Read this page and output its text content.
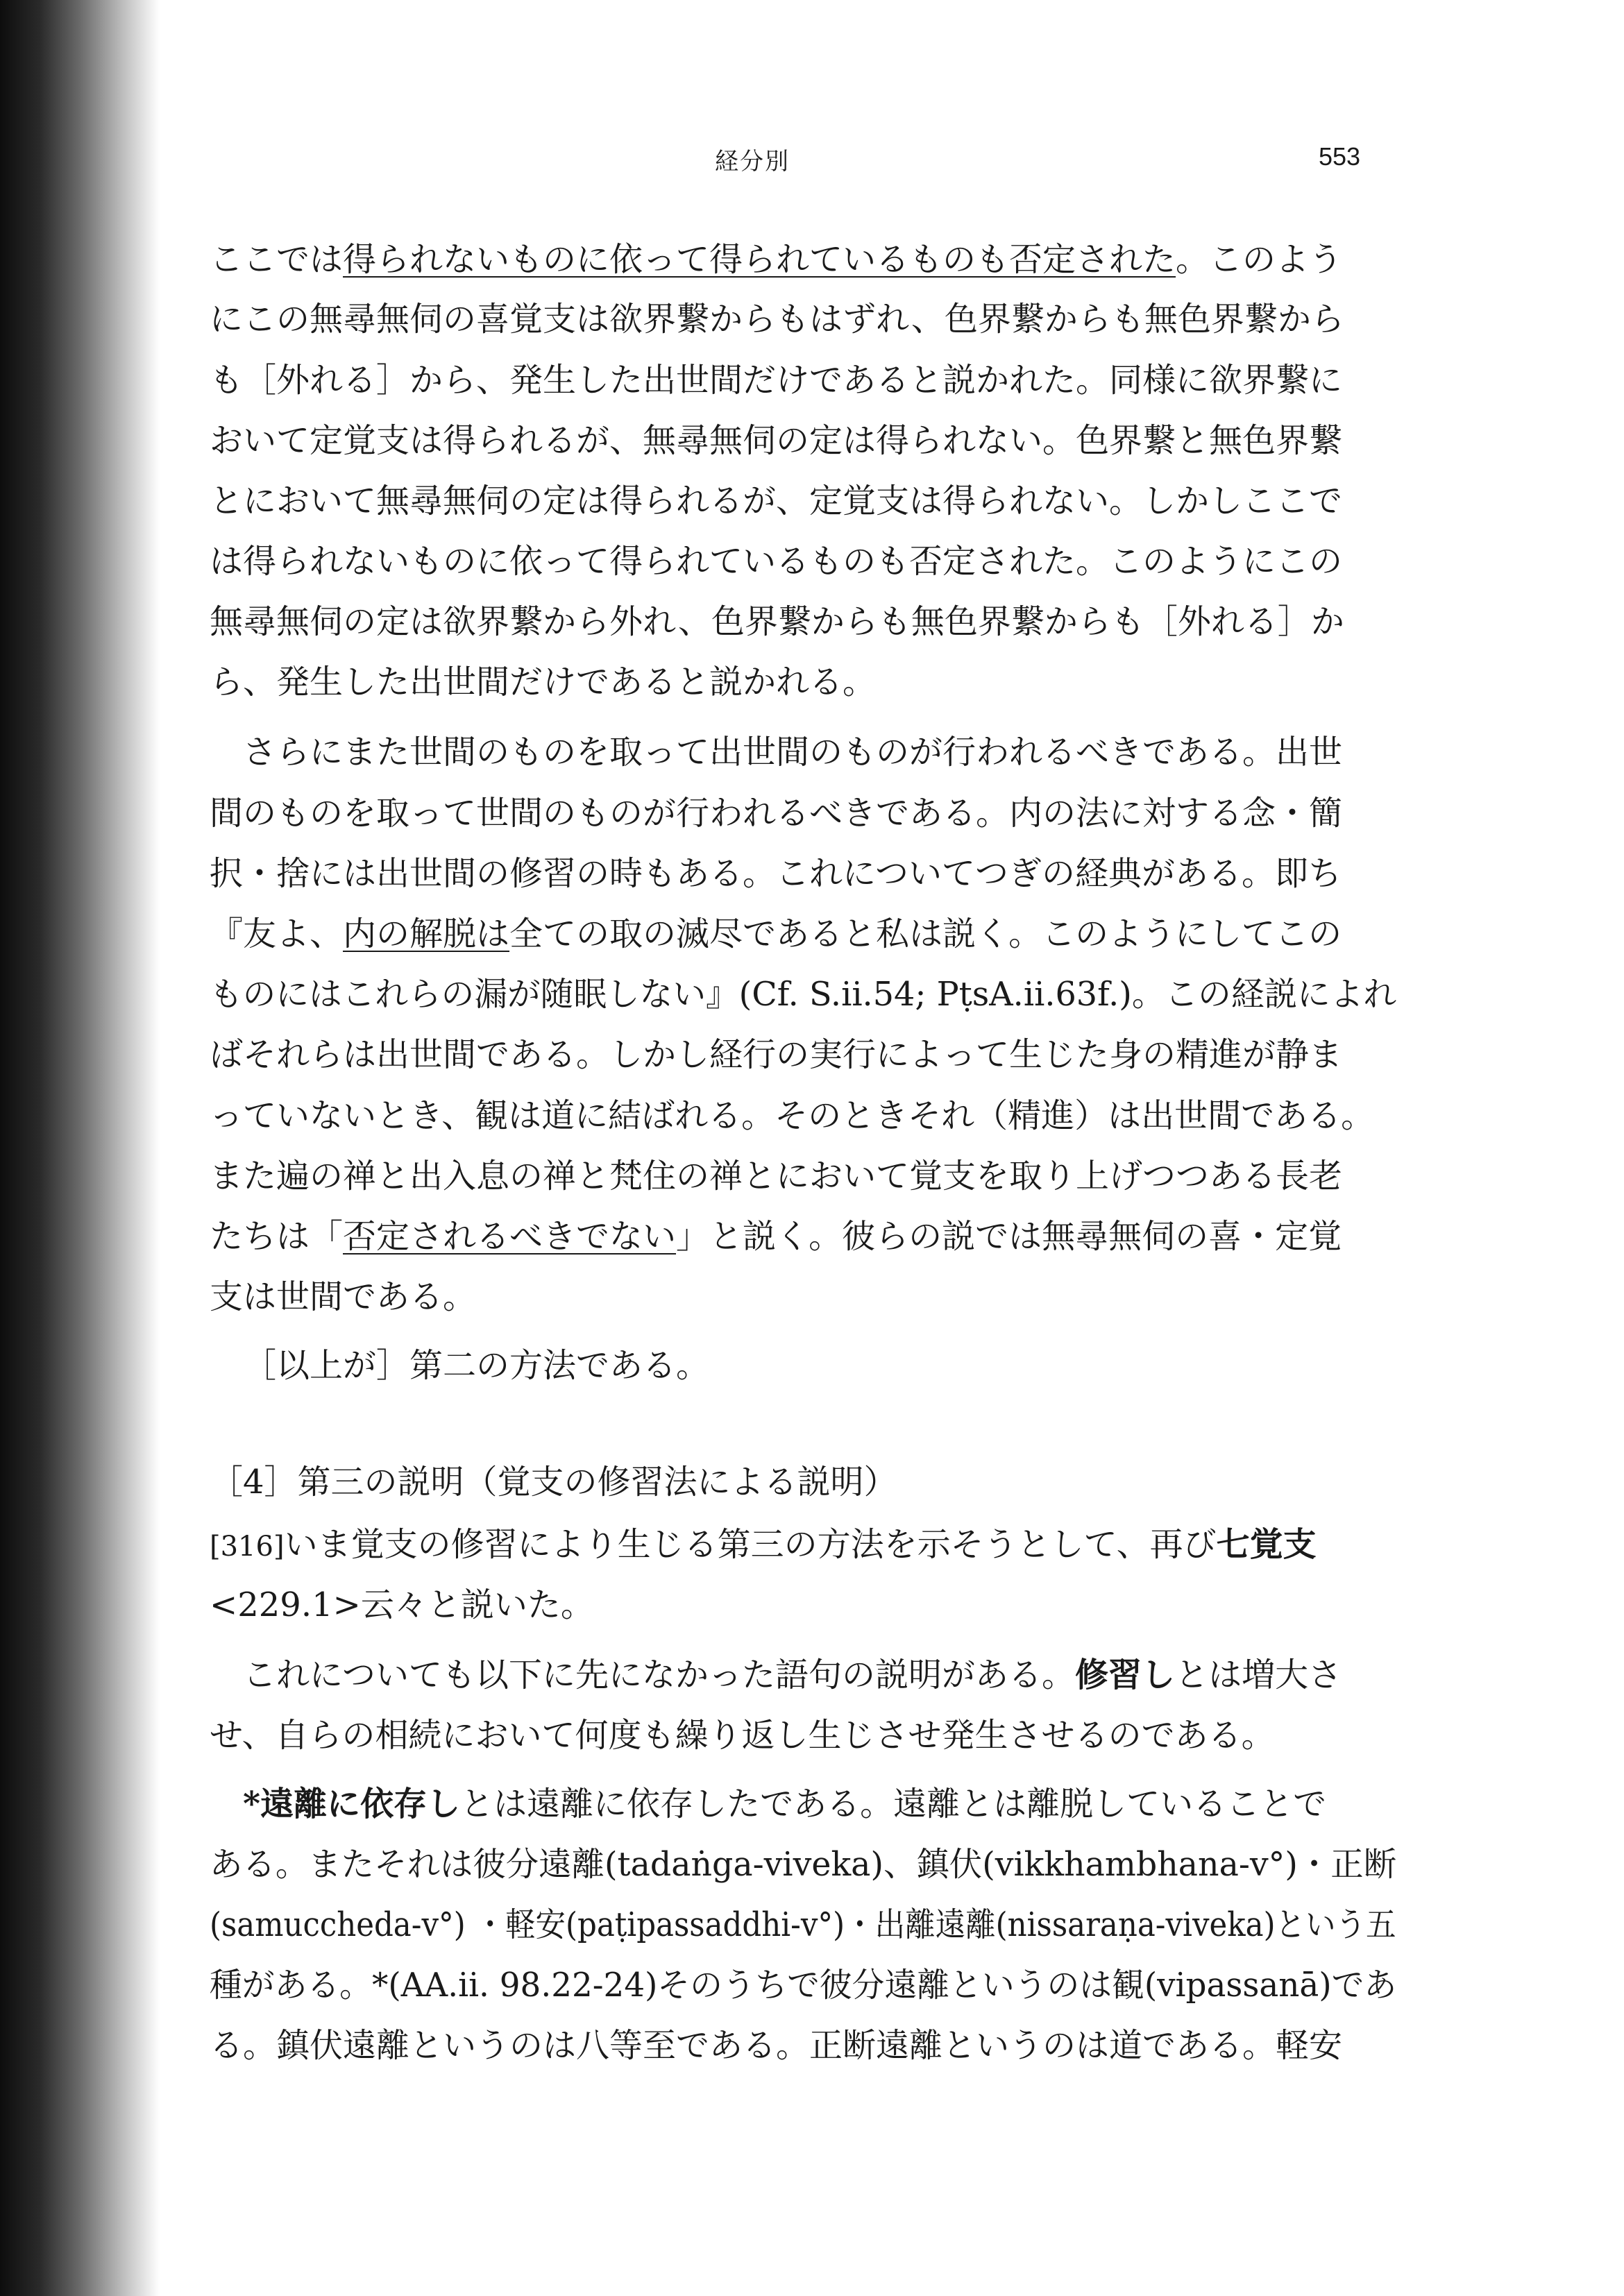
経分別	553
ここでは得られないものに依って得られているものも否定された。このよう
にこの無尋無伺の喜覚支は欲界繋からもはずれ、色界繋からも無色界繋から
も［外れる］から、発生した出世間だけであると説かれた。同様に欲界繋に
おいて定覚支は得られるが、無尋無伺の定は得られない。色界繋と無色界繋
とにおいて無尋無伺の定は得られるが、定覚支は得られない。しかしここで
は得られないものに依って得られているものも否定された。このようにこの
無尋無伺の定は欲界繋から外れ、色界繋からも無色界繋からも［外れる］か
ら、発生した出世間だけであると説かれる。
さらにまた世間のものを取って出世間のものが行われるべきである。出世
間のものを取って世間のものが行われるべきである。内の法に対する念・簡
択・捨には出世間の修習の時もある。これについてつぎの経典がある。即ち
『友よ、内の解脱は全ての取の滅尽であると私は説く。このようにしてこの
ものにはこれらの漏が随眠しない』(Cf. S.ii.54; PṭsA.ii.63f.)。この経説によれ
ばそれらは出世間である。しかし経行の実行によって生じた身の精進が静ま
っていないとき、観は道に結ばれる。そのときそれ（精進）は出世間である。
また遍の禅と出入息の禅と梵住の禅とにおいて覚支を取り上げつつある長老
たちは「否定されるべきでない」と説く。彼らの説では無尋無伺の喜・定覚
支は世間である。
［以上が］第二の方法である。
［4］第三の説明（覚支の修習法による説明）
[316]いま覚支の修習により生じる第三の方法を示そうとして、再び七覚支
<229.1>云々と説いた。
これについても以下に先になかった語句の説明がある。修習しとは増大さ
せ、自らの相続において何度も繰り返し生じさせ発生させるのである。
*遠離に依存しとは遠離に依存したである。遠離とは離脱していることで
ある。またそれは彼分遠離(tadaṅga-viveka)、鎮伏(vikkhambhana-v°)・正断
(samuccheda-v°) ・軽安(paṭipassaddhi-v°)・出離遠離(nissaraṇa-viveka)という五
種がある。*(AA.ii. 98.22-24)そのうちで彼分遠離というのは観(vipassanā)であ
る。鎮伏遠離というのは八等至である。正断遠離というのは道である。軽安
